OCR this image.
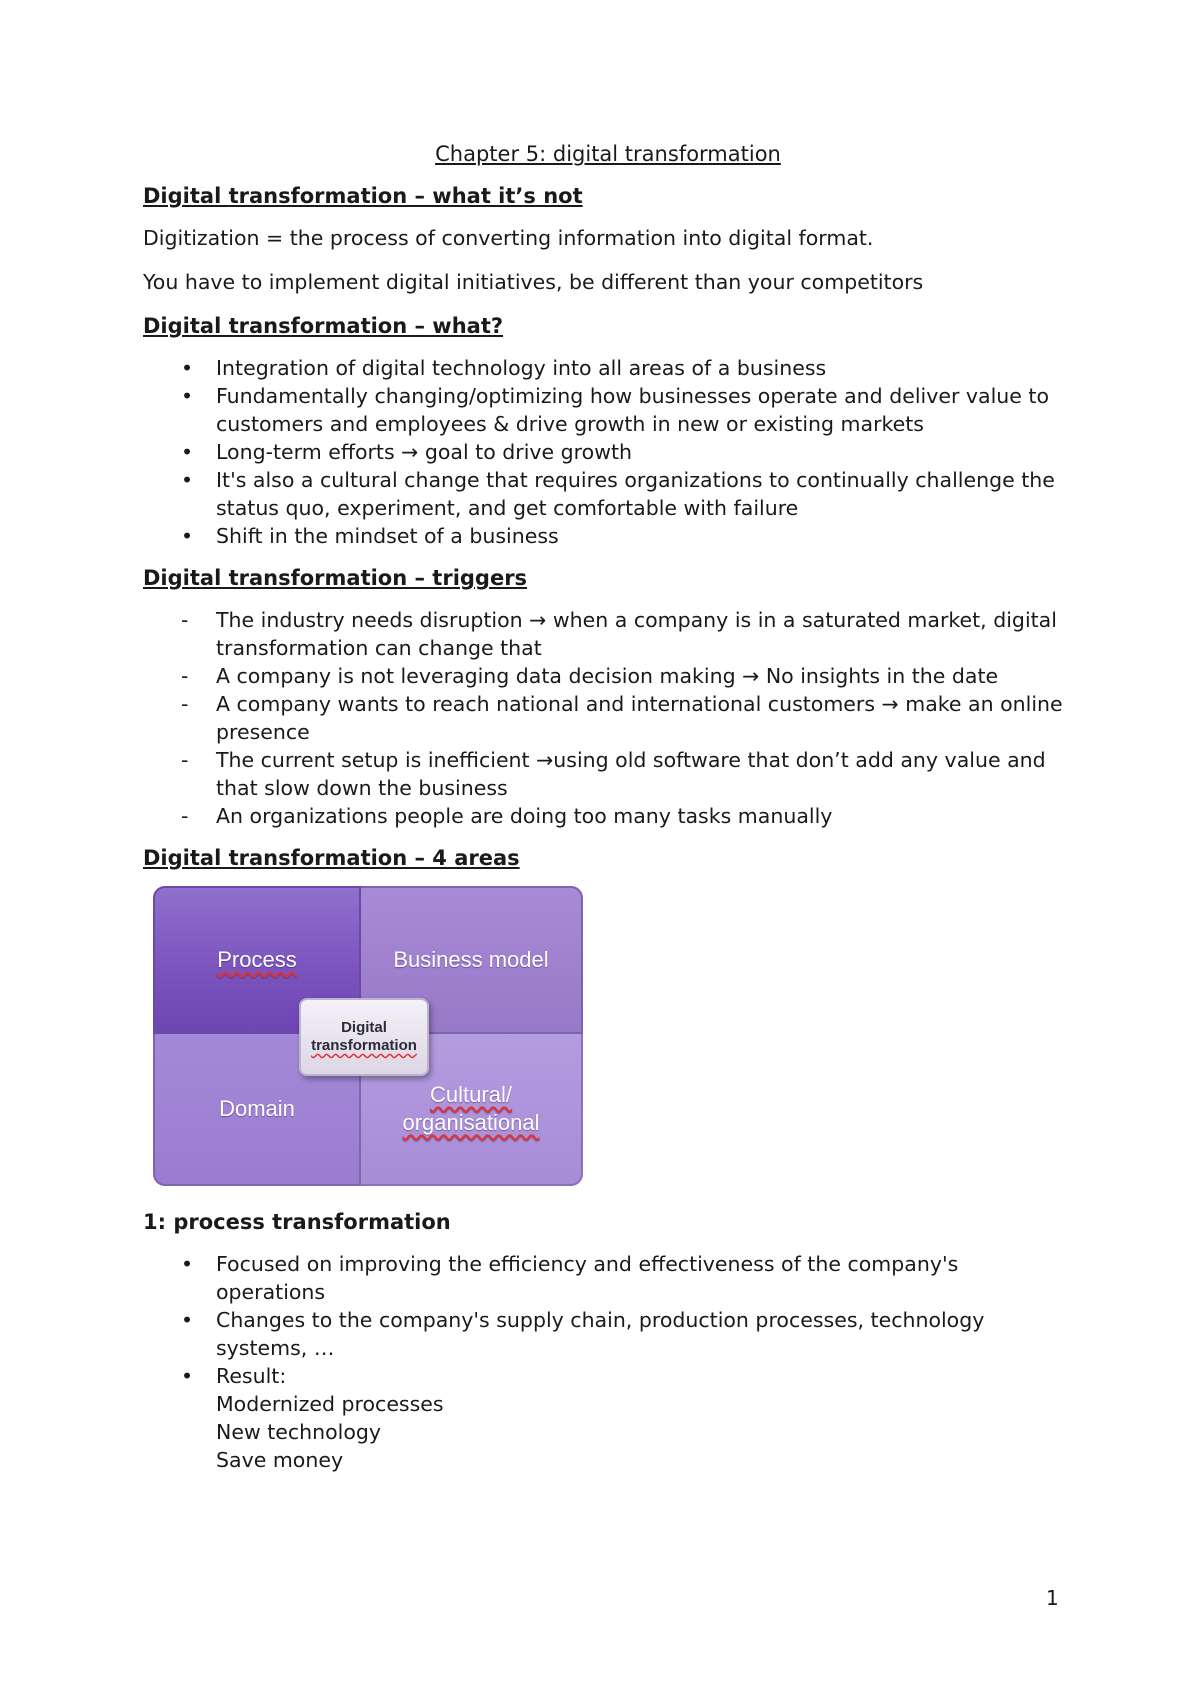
Chapter 5: digital transformation
Digital transformation – what it’s not

Digitization = the process of converting information into digital format.

You have to implement digital initiatives, be different than your competitors

Digital transformation – what?
• Integration of digital technology into all areas of a business
• Fundamentally changing/optimizing how businesses operate and deliver value to customers and employees & drive growth in new or existing markets
• Long-term efforts → goal to drive growth
• It's also a cultural change that requires organizations to continually challenge the status quo, experiment, and get comfortable with failure
• Shift in the mindset of a business
Digital transformation – triggers
- The industry needs disruption → when a company is in a saturated market, digital transformation can change that
- A company is not leveraging data decision making → No insights in the date
- A company wants to reach national and international customers → make an online presence
- The current setup is inefficient →using old software that don’t add any value and that slow down the business
- An organizations people are doing too many tasks manually
Digital transformation – 4 areas
Process	Business model
Domain
Cultural/
organisational
Digital
transformation
1: process transformation
• Focused on improving the efficiency and effectiveness of the company's operations
• Changes to the company's supply chain, production processes, technology systems, …
• Result:
Modernized processes
New technology
Save money
1
